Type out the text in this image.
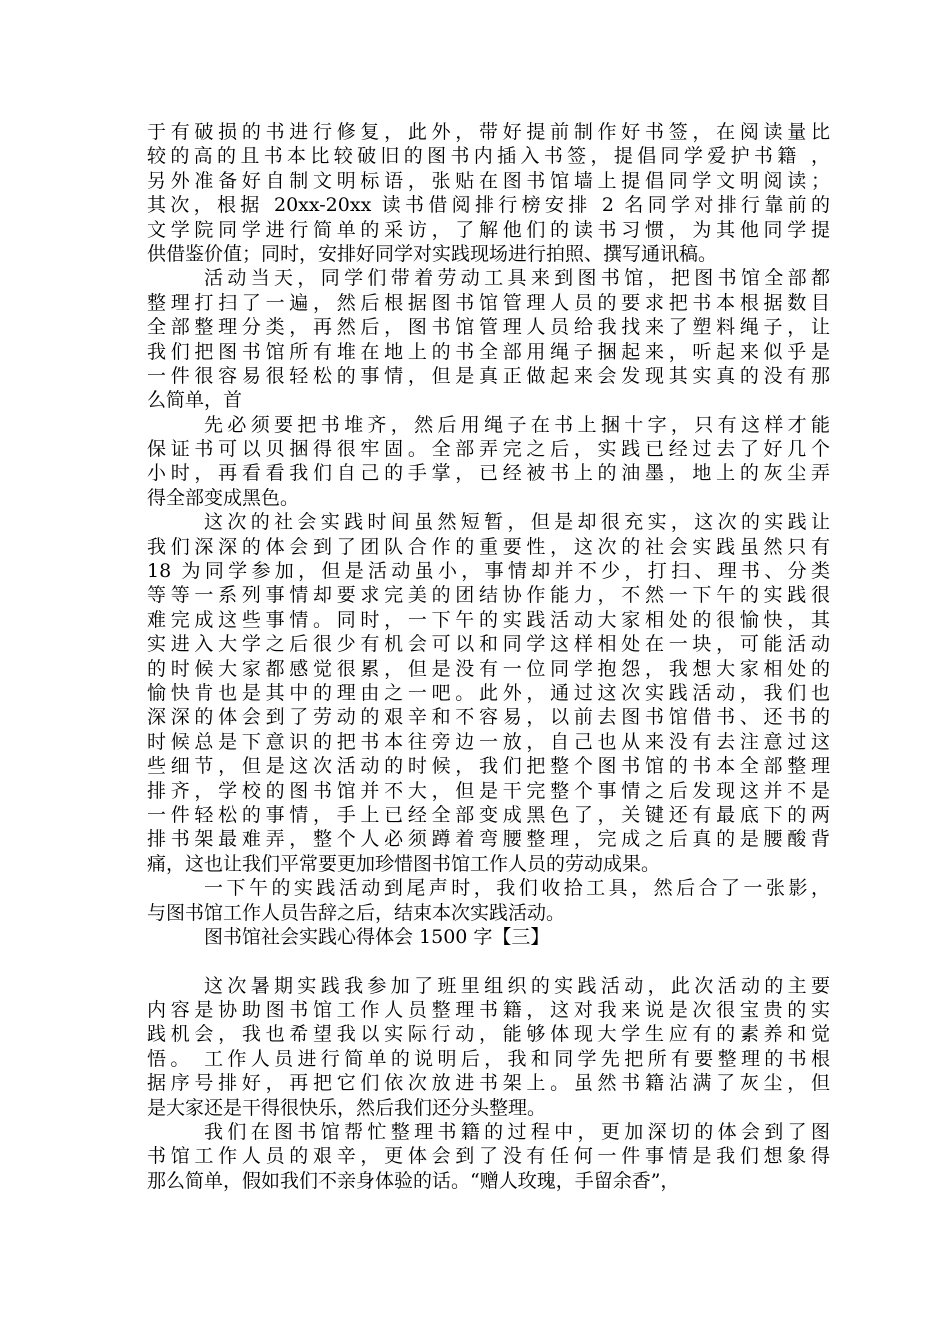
于有破损的书进行修复，此外，带好提前制作好书签，在阅读量比
较的高的且书本比较破旧的图书内插入书签，提倡同学爱护书籍 ，
另外准备好自制文明标语，张贴在图书馆墙上提倡同学文明阅读；
其次，根据 20xx-20xx 读书借阅排行榜安排 2 名同学对排行靠前的
文学院同学进行简单的采访，了解他们的读书习惯，为其他同学提
供借鉴价值；同时，安排好同学对实践现场进行拍照、撰写通讯稿。
活动当天，同学们带着劳动工具来到图书馆，把图书馆全部都
整理打扫了一遍，然后根据图书馆管理人员的要求把书本根据数目
全部整理分类，再然后，图书馆管理人员给我找来了塑料绳子，让
我们把图书馆所有堆在地上的书全部用绳子捆起来，听起来似乎是
一件很容易很轻松的事情，但是真正做起来会发现其实真的没有那
么简单，首
先必须要把书堆齐，然后用绳子在书上捆十字，只有这样才能
保证书可以贝捆得很牢固。全部弄完之后，实践已经过去了好几个
小时，再看看我们自己的手掌，已经被书上的油墨，地上的灰尘弄
得全部变成黑色。
这次的社会实践时间虽然短暂，但是却很充实，这次的实践让
我们深深的体会到了团队合作的重要性，这次的社会实践虽然只有
18 为同学参加，但是活动虽小，事情却并不少，打扫、理书、分类
等等一系列事情却要求完美的团结协作能力，不然一下午的实践很
难完成这些事情。同时，一下午的实践活动大家相处的很愉快，其
实进入大学之后很少有机会可以和同学这样相处在一块，可能活动
的时候大家都感觉很累，但是没有一位同学抱怨，我想大家相处的
愉快肯也是其中的理由之一吧。此外，通过这次实践活动，我们也
深深的体会到了劳动的艰辛和不容易，以前去图书馆借书、还书的
时候总是下意识的把书本往旁边一放，自己也从来没有去注意过这
些细节，但是这次活动的时候，我们把整个图书馆的书本全部整理
排齐，学校的图书馆并不大，但是干完整个事情之后发现这并不是
一件轻松的事情，手上已经全部变成黑色了，关键还有最底下的两
排书架最难弄，整个人必须蹲着弯腰整理，完成之后真的是腰酸背
痛，这也让我们平常要更加珍惜图书馆工作人员的劳动成果。
一下午的实践活动到尾声时，我们收拾工具，然后合了一张影，
与图书馆工作人员告辞之后，结束本次实践活动。
图书馆社会实践心得体会 1500 字【三】
这次暑期实践我参加了班里组织的实践活动，此次活动的主要
内容是协助图书馆工作人员整理书籍，这对我来说是次很宝贵的实
践机会，我也希望我以实际行动，能够体现大学生应有的素养和觉
悟。 工作人员进行简单的说明后，我和同学先把所有要整理的书根
据序号排好，再把它们依次放进书架上。虽然书籍沾满了灰尘，但
是大家还是干得很快乐，然后我们还分头整理。
我们在图书馆帮忙整理书籍的过程中，更加深切的体会到了图
书馆工作人员的艰辛，更体会到了没有任何一件事情是我们想象得
那么简单，假如我们不亲身体验的话。“赠人玫瑰，手留余香”，
